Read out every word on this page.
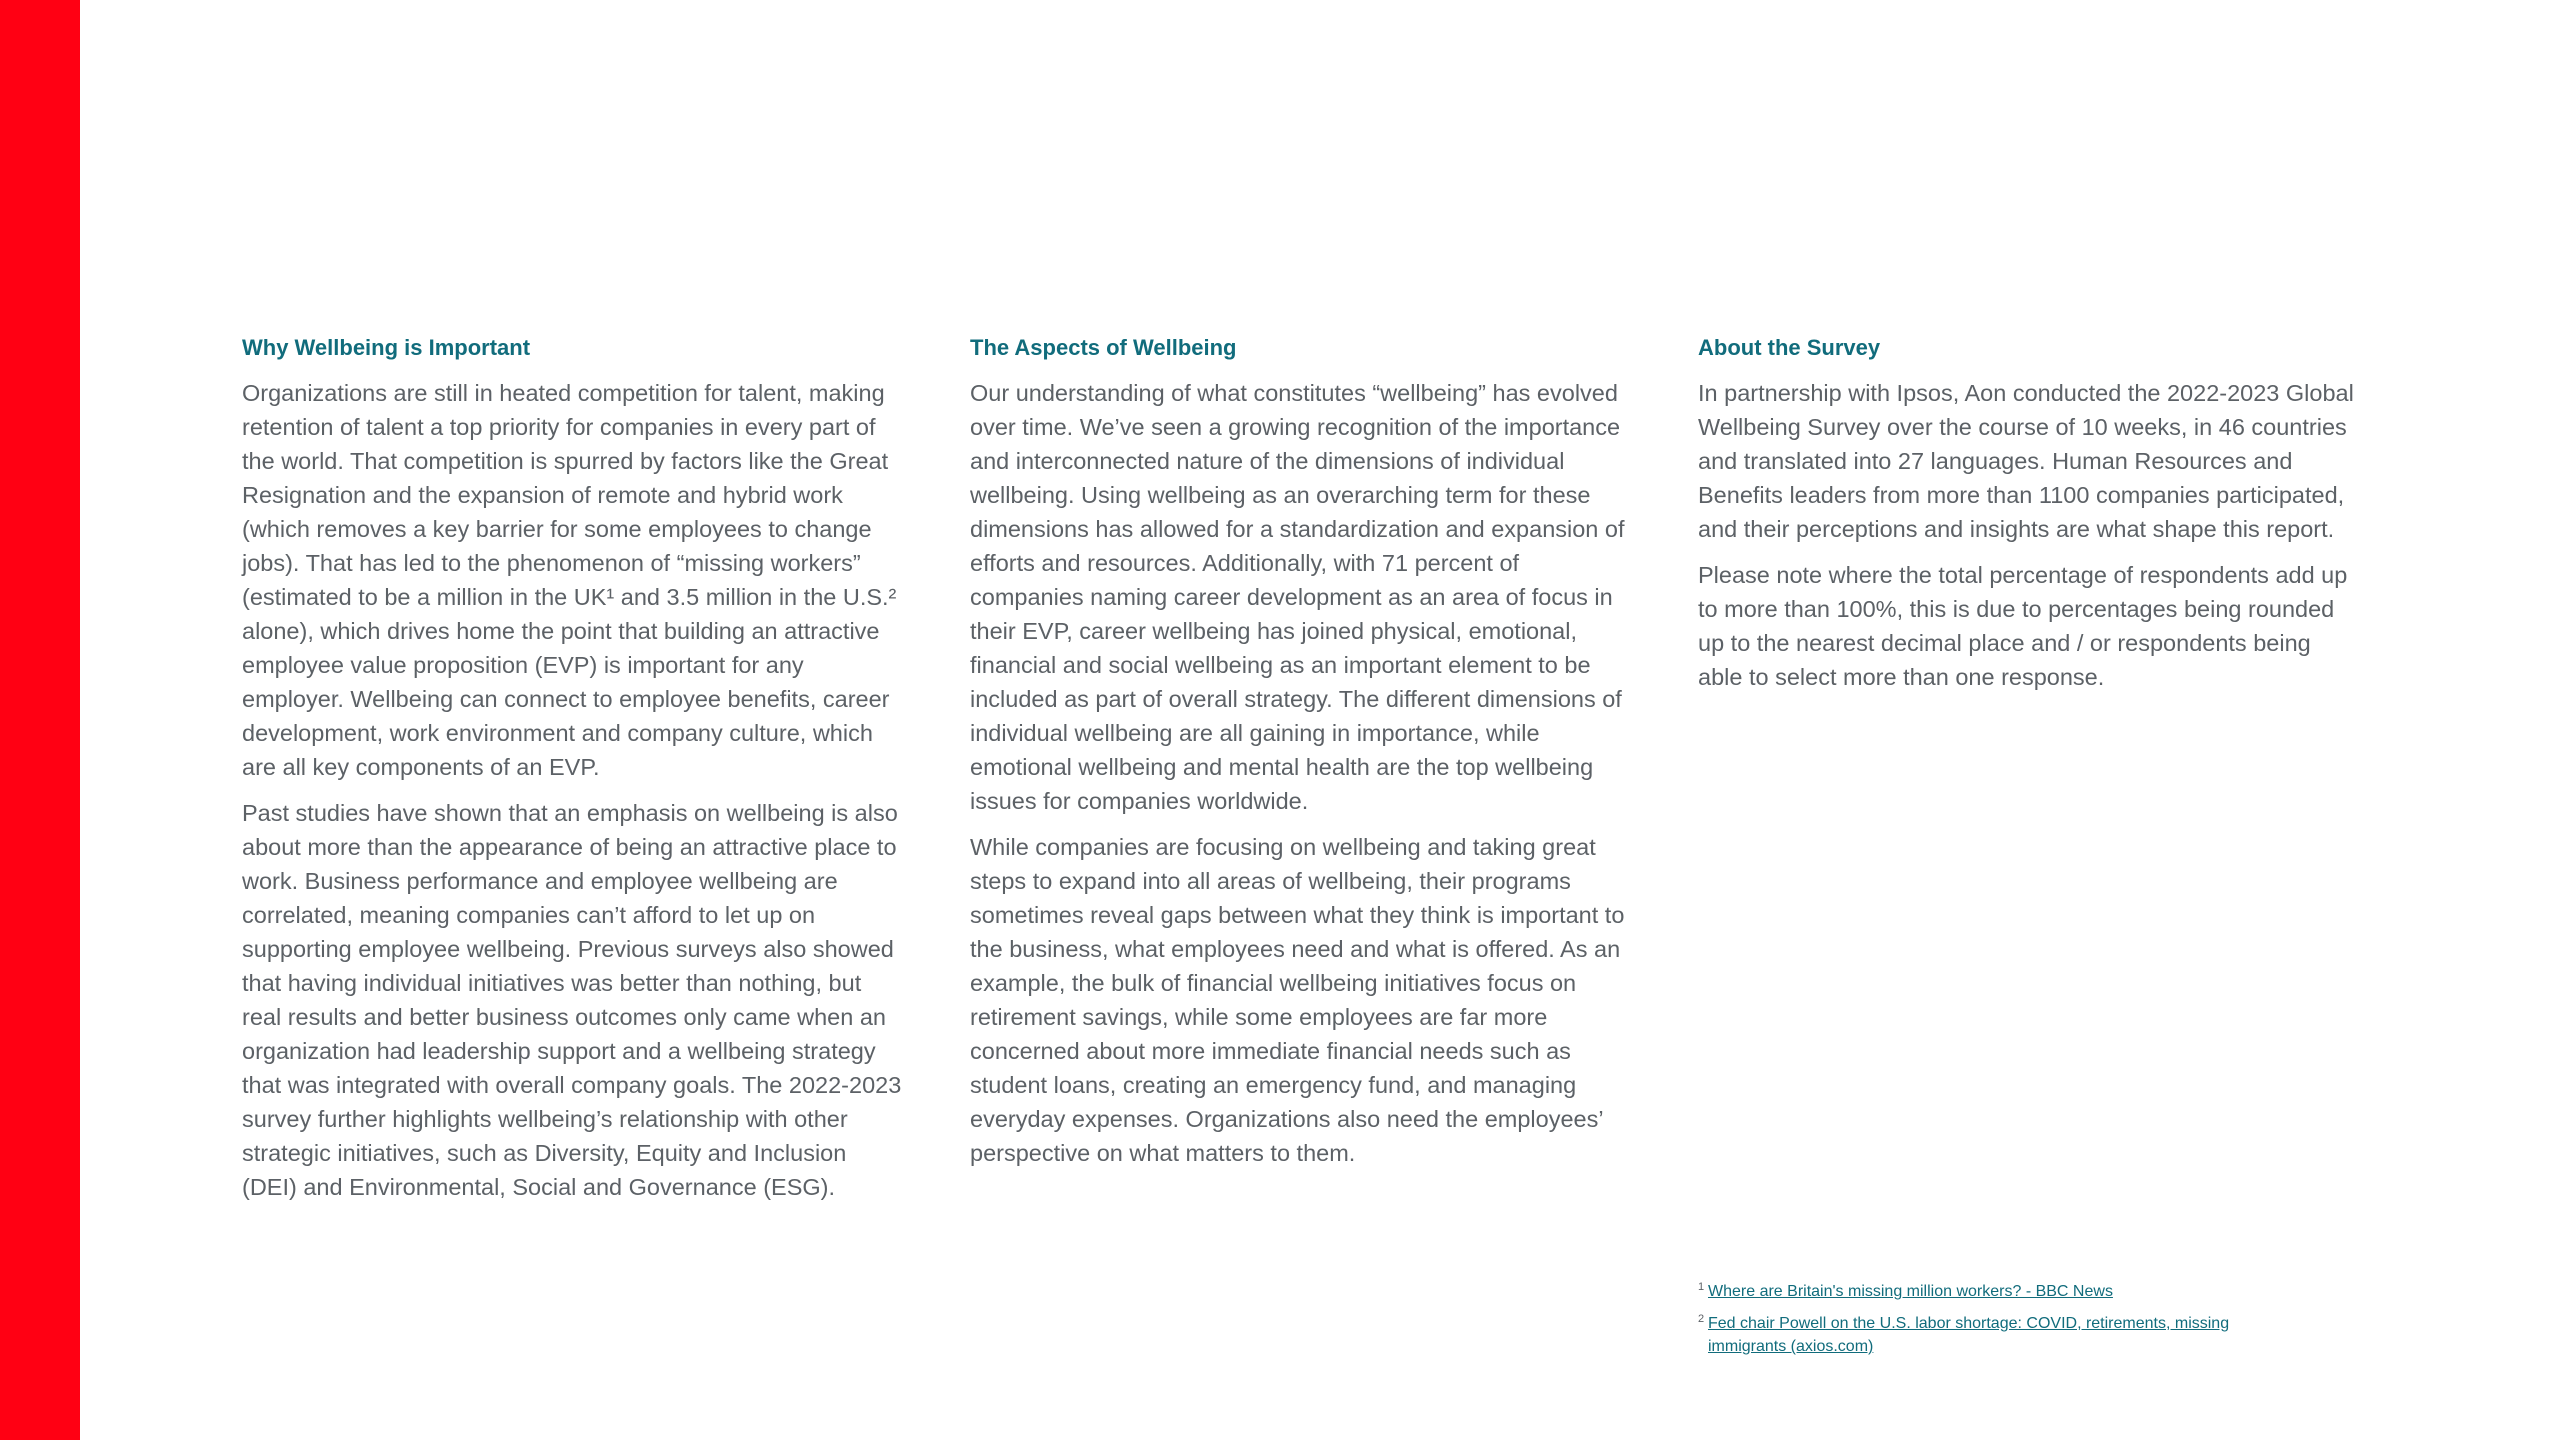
Why Wellbeing is Important

Organizations are still in heated competition for talent, making retention of talent a top priority for companies in every part of the world. That competition is spurred by factors like the Great Resignation and the expansion of remote and hybrid work (which removes a key barrier for some employees to change jobs). That has led to the phenomenon of “missing workers” (estimated to be a million in the UK¹ and 3.5 million in the U.S.² alone), which drives home the point that building an attractive employee value proposition (EVP) is important for any employer. Wellbeing can connect to employee benefits, career development, work environment and company culture, which are all key components of an EVP.

Past studies have shown that an emphasis on wellbeing is also about more than the appearance of being an attractive place to work. Business performance and employee wellbeing are correlated, meaning companies can’t afford to let up on supporting employee wellbeing. Previous surveys also showed that having individual initiatives was better than nothing, but real results and better business outcomes only came when an organization had leadership support and a wellbeing strategy that was integrated with overall company goals. The 2022-2023 survey further highlights wellbeing’s relationship with other strategic initiatives, such as Diversity, Equity and Inclusion (DEI) and Environmental, Social and Governance (ESG).

The Aspects of Wellbeing

Our understanding of what constitutes “wellbeing” has evolved over time. We’ve seen a growing recognition of the importance and interconnected nature of the dimensions of individual wellbeing. Using wellbeing as an overarching term for these dimensions has allowed for a standardization and expansion of efforts and resources. Additionally, with 71 percent of companies naming career development as an area of focus in their EVP, career wellbeing has joined physical, emotional, financial and social wellbeing as an important element to be included as part of overall strategy. The different dimensions of individual wellbeing are all gaining in importance, while emotional wellbeing and mental health are the top wellbeing issues for companies worldwide.

While companies are focusing on wellbeing and taking great steps to expand into all areas of wellbeing, their programs sometimes reveal gaps between what they think is important to the business, what employees need and what is offered. As an example, the bulk of financial wellbeing initiatives focus on retirement savings, while some employees are far more concerned about more immediate financial needs such as student loans, creating an emergency fund, and managing everyday expenses. Organizations also need the employees’ perspective on what matters to them.

About the Survey

In partnership with Ipsos, Aon conducted the 2022-2023 Global Wellbeing Survey over the course of 10 weeks, in 46 countries and translated into 27 languages. Human Resources and Benefits leaders from more than 1100 companies participated, and their perceptions and insights are what shape this report.

Please note where the total percentage of respondents add up to more than 100%, this is due to percentages being rounded up to the nearest decimal place and / or respondents being able to select more than one response.

1 Where are Britain's missing million workers? - BBC News
2 Fed chair Powell on the U.S. labor shortage: COVID, retirements, missing immigrants (axios.com)
